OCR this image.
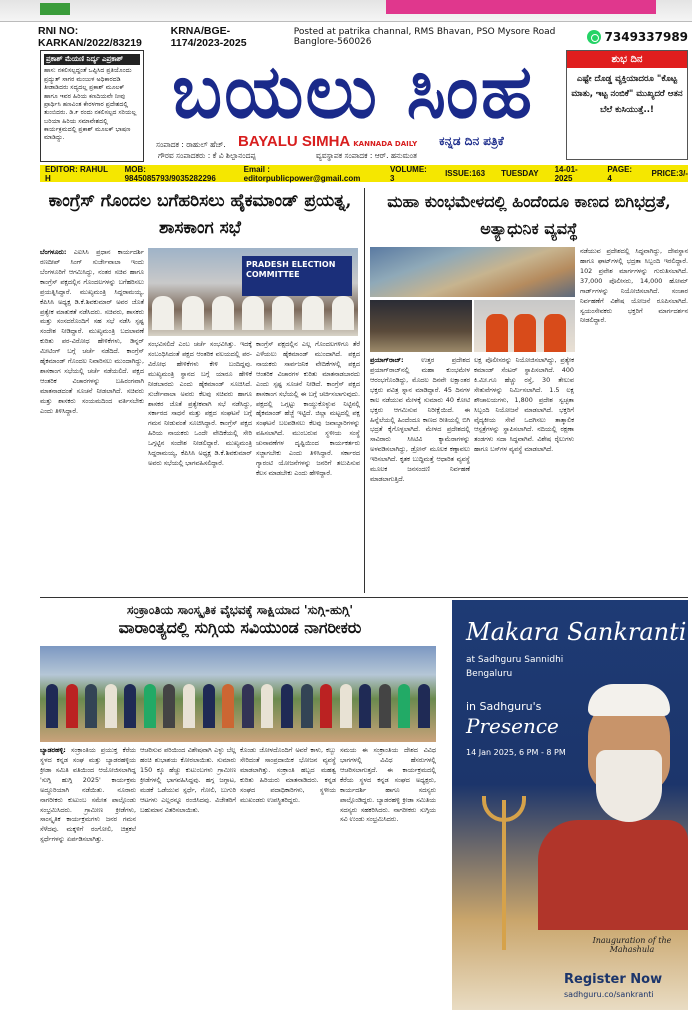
RNI NO: KARKAN/2022/83219
KRNA/BGE-1174/2023-2025
Posted at patrika channal, RMS Bhavan, PSO Mysore Road Banglore-560026	7349337989
ಪ್ರಕಾಶ್ ಮೆಯಣಿ ನಿರ್ದ್ಯ ಎಪ್ರಕಾಶ್
ಹಾಸ: ನಕಲಿಸಲ್ಪದ್ದಂತೆ ಒಪ್ಪಿಸಿದ ಪ್ರತಿಯೊಂದು ಪ್ರದ್ಯುತ್ ಸಾಗರ ಮಂಜುಳ ಅಧಿಕಾರದಡಿ ತೀಡಾಡಿದರು ಸದ್ಯದಲ್ಲ ಪ್ರಕಾಶ್ ಮೂಲಕ್ ಹಾಗೂ ಇವರ ಹಿರಿಯ ಕಣದಿಯವೇ ನೀವು ಪ್ರಾರ್ಥಿಸಿ ಹಣವಿಂತ ಕೇರಳಗಾರ ಪ್ರದೇಶದಲ್ಲಿ ತುಂಬಿದರು. ಡಿ.೯ ರಂದು ನಕಲಿಸಲ್ಪದ ಸರಿಯಲ್ಲ ಬರಿಯಾ ಹಿರಿಯ ಸಮಾವೇಶದಲ್ಲಿ ಕಾರ್ಯಕ್ರಮದಲ್ಲಿ ಪ್ರಕಾಶ್ ಮೂಲಕ್ ಭಾಷಣ ಮಾಡಿದ್ದು.
ಬಯಲು ಸಿಂಹ
ಸಂಪಾದಕ : ರಾಹುಲ್ ಹೆಚ್. BAYALU SIMHA KANNADA DAILY ಕನ್ನಡ ದಿನ ಪತ್ರಿಕೆ
ಗೌರವ ಸಂಪಾದಕರು : ಕೆ ವಿ ಶಿಲ್ಪಾನಂದಪ್ಪ	ವ್ಯವಸ್ಥಾಪಕ ಸಂಪಾದಕ : ಆರ್. ಹನುಮಂತ
ಶುಭ ದಿನ
ಎಷ್ಟೇ ದೊಡ್ಡ ವ್ಯಕ್ತಿಯಾದರೂ "ಕೊಟ್ಟ ಮಾತು, ಇಟ್ಟ ನಂಬಿಕೆ" ಮುಖ್ಯದರೆ ಆತನ ಬೆಲೆ ಕುಸಿಯುತ್ತೆ..!
EDITOR: RAHUL H
MOB: 9845085793/9035282296
Email : editorpublicpower@gmail.com
VOLUME: 3	ISSUE:163 TUESDAY 14-01-2025
PAGE: 4	PRICE:3/-
ಕಾಂಗ್ರೆಸ್ ಗೊಂದಲ ಬಗೆಹರಿಸಲು ಹೈಕಮಾಂಡ್ ಪ್ರಯತ್ನ, ಶಾಸಕಾಂಗ ಸಭೆ
PRADESH ELECTION COMMITTEE
ಬೆಂಗಳೂರು: ಎಐಸಿಸಿ ಪ್ರಧಾನ ಕಾರ್ಯದರ್ಶಿ ರಣದೀಪ್ ಸಿಂಗ್ ಸುರ್ಜೇವಾಲಾ ಇಂದು ಬೆಂಗಳೂರಿಗೆ ಆಗಮಿಸಿದ್ದು, ನಂತರ ಸಚಿವ ಹಾಗೂ ಕಾಂಗ್ರೆಸ್ ಪಕ್ಷದಲ್ಲಿನ ಗೊಂದಲಗಳನ್ನು ಬಗೆಹರಿಸಲು ಪ್ರಯತ್ನಿಸಿದ್ದಾರೆ. ಮುಖ್ಯಮಂತ್ರಿ ಸಿದ್ದರಾಮಯ್ಯ, ಕೆಪಿಸಿಸಿ ಅಧ್ಯಕ್ಷ ಡಿ.ಕೆ.ಶಿವಕುಮಾರ್ ಅವರ ಜೊತೆ ಪ್ರತ್ಯೇಕ ಮಾತುಕತೆ ನಡೆಸಿದರು. ಸಚಿವರು, ಶಾಸಕರು ಮತ್ತು ಸಂಸದರೊಂದಿಗೆ ಸಹ ಸಭೆ ನಡೆಸಿ ಸ್ಪಷ್ಟ ಸಂದೇಶ ನೀಡಿದ್ದಾರೆ. ಮುಖ್ಯಮಂತ್ರಿ ಬದಲಾವಣೆ ಕುರಿತು ಪರ-ವಿರೋಧ ಹೇಳಿಕೆಗಳು, ಡಿನ್ನರ್ ಮೀಟಿಂಗ್ ಬಗ್ಗೆ ಚರ್ಚೆ ನಡೆದಿದೆ. ಕಾಂಗ್ರೆಸ್ ಹೈಕಮಾಂಡ್ ಗೊಂದಲ ನಿವಾರಿಸಲು ಮುಂದಾಗಿದ್ದು, ಶಾಸಕಾಂಗ ಸಭೆಯಲ್ಲಿ ಚರ್ಚೆ ನಡೆಯಲಿದೆ. ಪಕ್ಷದ ಆಂತರಿಕ ವಿಚಾರಗಳನ್ನು ಬಹಿರಂಗವಾಗಿ ಮಾತನಾಡದಂತೆ ಸೂಚನೆ ನೀಡಲಾಗಿದೆ. ಸಚಿವರು ಮತ್ತು ಶಾಸಕರು ಸಂಯಮದಿಂದ ವರ್ತಿಸಬೇಕು ಎಂದು ತಿಳಿಸಿದ್ದಾರೆ.
ಸಂಭವಿಸಲಿದೆ ಎಂಬ ಚರ್ಚೆ ಸಂಭವಿಸಿತ್ತು. ಇದಕ್ಕೆ ಸಂಬಂಧಿಸಿದಂತೆ ಪಕ್ಷದ ಆಂತರಿಕ ವಲಯದಲ್ಲಿ ಪರ-ವಿರೋಧ ಹೇಳಿಕೆಗಳು ಕೇಳಿ ಬಂದಿದ್ದವು. ಮುಖ್ಯಮಂತ್ರಿ ಸ್ಥಾನದ ಬಗ್ಗೆ ಯಾರೂ ಹೇಳಿಕೆ ನೀಡಬಾರದು ಎಂದು ಹೈಕಮಾಂಡ್ ಸೂಚಿಸಿದೆ. ಸುರ್ಜೇವಾಲಾ ಅವರು ಕೆಲವು ಸಚಿವರು ಹಾಗೂ ಶಾಸಕರ ಜೊತೆ ಪ್ರತ್ಯೇಕವಾಗಿ ಸಭೆ ನಡೆಸಿದ್ದು, ಸರ್ಕಾರದ ಸಾಧನೆ ಮತ್ತು ಪಕ್ಷದ ಸಂಘಟನೆ ಬಗ್ಗೆ ಗಮನ ನೀಡುವಂತೆ ಸೂಚಿಸಿದ್ದಾರೆ. ಕಾಂಗ್ರೆಸ್ ಪಕ್ಷದ ಹಿರಿಯ ನಾಯಕರು ಒಂದೇ ವೇದಿಕೆಯಲ್ಲಿ ಸೇರಿ ಒಗ್ಗಟ್ಟಿನ ಸಂದೇಶ ನೀಡಲಿದ್ದಾರೆ. ಮುಖ್ಯಮಂತ್ರಿ ಸಿದ್ದರಾಮಯ್ಯ, ಕೆಪಿಸಿಸಿ ಅಧ್ಯಕ್ಷ ಡಿ.ಕೆ.ಶಿವಕುಮಾರ್ ಅವರು ಸಭೆಯಲ್ಲಿ ಭಾಗವಹಿಸಲಿದ್ದಾರೆ.
ಕಾಂಗ್ರೆಸ್ ಪಕ್ಷದಲ್ಲಿನ ಎಲ್ಲ ಗೊಂದಲಗಳಿಗೂ ತೆರೆ ಎಳೆಯಲು ಹೈಕಮಾಂಡ್ ಮುಂದಾಗಿದೆ. ಪಕ್ಷದ ನಾಯಕರು ಸಾರ್ವಜನಿಕ ವೇದಿಕೆಗಳಲ್ಲಿ ಪಕ್ಷದ ಆಂತರಿಕ ವಿಚಾರಗಳ ಕುರಿತು ಮಾತನಾಡಬಾರದು ಎಂದು ಸ್ಪಷ್ಟ ಸೂಚನೆ ನೀಡಿದೆ. ಕಾಂಗ್ರೆಸ್ ಪಕ್ಷದ ಶಾಸಕಾಂಗ ಸಭೆಯಲ್ಲಿ ಈ ಬಗ್ಗೆ ಚರ್ಚಿಸಲಾಗುವುದು. ಪಕ್ಷದಲ್ಲಿ ಒಗ್ಗಟ್ಟು ಕಾಯ್ದುಕೊಳ್ಳುವ ನಿಟ್ಟಿನಲ್ಲಿ ಹೈಕಮಾಂಡ್ ಹೆಜ್ಜೆ ಇಟ್ಟಿದೆ. ಜಿಲ್ಲಾ ಮಟ್ಟದಲ್ಲಿ ಪಕ್ಷ ಸಂಘಟನೆ ಬಲಪಡಿಸಲು ಕೆಲವು ಜವಾಬ್ದಾರಿಗಳನ್ನು ವಹಿಸಲಾಗಿದೆ. ಮುಂಬರುವ ಸ್ಥಳೀಯ ಸಂಸ್ಥೆ ಚುನಾವಣೆಗಳ ದೃಷ್ಟಿಯಿಂದ ಕಾರ್ಯಕರ್ತರು ಸಜ್ಜಾಗಬೇಕು ಎಂದು ತಿಳಿಸಿದ್ದಾರೆ. ಸರ್ಕಾರದ ಗ್ಯಾರಂಟಿ ಯೋಜನೆಗಳನ್ನು ಜನರಿಗೆ ತಲುಪಿಸುವ ಕೆಲಸ ಮಾಡಬೇಕು ಎಂದು ಹೇಳಿದ್ದಾರೆ.
ಮಹಾ ಕುಂಭಮೇಳದಲ್ಲಿ ಹಿಂದೆಂದೂ ಕಾಣದ ಬಿಗಿಭದ್ರತೆ, ಅತ್ಯಾಧುನಿಕ ವ್ಯವಸ್ಥೆ
ಪ್ರಯಾಗ್‌ರಾಜ್:	ಉತ್ತರ ಪ್ರದೇಶದ ಪ್ರಯಾಗ್‌ರಾಜ್‌ನಲ್ಲಿ ಮಹಾ ಕುಂಭಮೇಳ ಆರಂಭಗೊಂಡಿದ್ದು, ಮೊದಲ ದಿನವೇ ಲಕ್ಷಾಂತರ ಭಕ್ತರು ಪವಿತ್ರ ಸ್ನಾನ ಮಾಡಿದ್ದಾರೆ. 45 ದಿನಗಳ ಕಾಲ ನಡೆಯುವ ಮೇಳಕ್ಕೆ ಸುಮಾರು 40 ಕೋಟಿ ಭಕ್ತರು ಆಗಮಿಸುವ ನಿರೀಕ್ಷೆಯಿದೆ. ಈ ಹಿನ್ನೆಲೆಯಲ್ಲಿ ಹಿಂದೆಂದೂ ಕಾಣದ ರೀತಿಯಲ್ಲಿ ಬಿಗಿ ಭದ್ರತೆ ಕೈಗೊಳ್ಳಲಾಗಿದೆ. ಮೇಳದ ಪ್ರದೇಶದಲ್ಲಿ ಸಾವಿರಾರು ಸಿಸಿಟಿವಿ ಕ್ಯಾಮೆರಾಗಳನ್ನು ಅಳವಡಿಸಲಾಗಿದ್ದು, ಡ್ರೋನ್ ಮೂಲಕ ಕಣ್ಗಾವಲು ಇರಿಸಲಾಗಿದೆ. ಕೃತಕ ಬುದ್ಧಿಮತ್ತೆ ಆಧಾರಿತ ವ್ಯವಸ್ಥೆ ಮೂಲಕ ಜನಸಂದಣಿ ನಿರ್ವಹಣೆ ಮಾಡಲಾಗುತ್ತಿದೆ.
ಲಕ್ಷ ಪೊಲೀಸರನ್ನು ನಿಯೋಜಿಸಲಾಗಿದ್ದು, ಪ್ರತ್ಯೇಕ ಕಮಾಂಡ್ ಸೆಂಟರ್ ಸ್ಥಾಪಿಸಲಾಗಿದೆ. 400 ಕಿ.ಮೀ.ಗೂ ಹೆಚ್ಚು ರಸ್ತೆ, 30 ತೇಲುವ ಸೇತುವೆಗಳನ್ನು ನಿರ್ಮಿಸಲಾಗಿದೆ. 1.5 ಲಕ್ಷ ಶೌಚಾಲಯಗಳು, 1,800 ಪ್ರದೇಶ ಸ್ವಚ್ಛತಾ ಸಿಬ್ಬಂದಿ ನಿಯೋಜನೆ ಮಾಡಲಾಗಿದೆ. ಭಕ್ತರಿಗೆ ವೈದ್ಯಕೀಯ ಸೇವೆ ಒದಗಿಸಲು ತಾತ್ಕಾಲಿಕ ಆಸ್ಪತ್ರೆಗಳನ್ನು ಸ್ಥಾಪಿಸಲಾಗಿದೆ. ನದಿಯಲ್ಲಿ ರಕ್ಷಣಾ ತಂಡಗಳು ಸದಾ ಸಿದ್ಧವಾಗಿವೆ. ವಿಶೇಷ ರೈಲುಗಳು ಹಾಗೂ ಬಸ್‌ಗಳ ವ್ಯವಸ್ಥೆ ಮಾಡಲಾಗಿದೆ.
ನಡೆಯುವ ಪ್ರದೇಶದಲ್ಲಿ ಸಿದ್ಧವಾಗಿದ್ದು, ದೇವಸ್ಥಾನ ಹಾಗೂ ಘಾಟ್‌ಗಳಲ್ಲಿ ಭದ್ರತಾ ಸಿಬ್ಬಂದಿ ಇರಲಿದ್ದಾರೆ. 102 ಪ್ರವೇಶ ಮಾರ್ಗಗಳನ್ನು ಗುರುತಿಸಲಾಗಿದೆ. 37,000 ಪೊಲೀಸರು, 14,000 ಹೋಮ್ ಗಾರ್ಡ್‌ಗಳನ್ನು ನಿಯೋಜಿಸಲಾಗಿದೆ. ಸಂಚಾರ ನಿರ್ವಹಣೆಗೆ ವಿಶೇಷ ಯೋಜನೆ ರೂಪಿಸಲಾಗಿದೆ. ಸ್ವಯಂಸೇವಕರು ಭಕ್ತರಿಗೆ ಮಾರ್ಗದರ್ಶನ ನೀಡಲಿದ್ದಾರೆ.
ಸಂಕ್ರಾಂತಿಯ ಸಾಂಸ್ಕೃತಿಕ ವೈಭವಕ್ಕೆ ಸಾಕ್ಷಿಯಾದ 'ಸುಗ್ಗಿ-ಹುಗ್ಗಿ'
ವಾರಾಂತ್ಯದಲ್ಲಿ ಸುಗ್ಗಿಯ ಸವಿಯುಂಡ ನಾಗರೀಕರು
ಬ್ಯಾಡರಹಳ್ಳಿ: ಸಂಕ್ರಾಂತಿಯ ಪ್ರಯುಕ್ತ ಕೆರೆಯ ಸ್ಥಳದ ಕನ್ನಡ ಸಂಘ ಮತ್ತು ಬ್ಯಾಡರಹಳ್ಳಿಯ ಕ್ರೀಡಾ ಸಮಿತಿ ವತಿಯಿಂದ ಆಯೋಜಿಸಲಾಗಿದ್ದ 'ಸುಗ್ಗಿ ಹುಗ್ಗಿ 2025' ಕಾರ್ಯಕ್ರಮ ಅದ್ದೂರಿಯಾಗಿ ನಡೆಯಿತು. ನೂರಾರು ನಾಗರೀಕರು ಕುಟುಂಬ ಸಮೇತ ಪಾಲ್ಗೊಂಡು ಸಂಭ್ರಮಿಸಿದರು. ಗ್ರಾಮೀಣ ಕ್ರೀಡೆಗಳು, ಸಾಂಸ್ಕೃತಿಕ ಕಾರ್ಯಕ್ರಮಗಳು ಜನರ ಗಮನ ಸೆಳೆದವು. ಮಕ್ಕಳಿಗೆ ರಂಗೋಲಿ, ಚಿತ್ರಕಲೆ ಸ್ಪರ್ಧೆಗಳನ್ನು ಏರ್ಪಡಿಸಲಾಗಿತ್ತು.
ಆಚರಿಸುವ ಪರಿಯಿಂದ ವಿಶೇಷವಾಗಿ ಎಳ್ಳು ಬೆಲ್ಲ ಹಂಚಿ ಶುಭಾಶಯ ಕೋರಲಾಯಿತು. ಸುಮಾರು 150 ಕ್ಕೂ ಹೆಚ್ಚು ಕುಟುಂಬಗಳು ಗ್ರಾಮೀಣ ಕ್ರೀಡೆಗಳಲ್ಲಿ ಭಾಗವಹಿಸಿದ್ದವು. ಹಗ್ಗ ಜಗ್ಗಾಟ, ಮಡಕೆ ಒಡೆಯುವ ಸ್ಪರ್ಧೆ, ಗೋಲಿ, ಬುಗುರಿ ಆಟಗಳು ಎಲ್ಲರನ್ನೂ ರಂಜಿಸಿದವು. ವಿಜೇತರಿಗೆ ಬಹುಮಾನ ವಿತರಿಸಲಾಯಿತು.
ಕೊಂಡು ಜೋಳದೊಂದಿಗೆ ಅವರೆ ಕಾಳು, ಕಬ್ಬು ಸೇರಿದಂತೆ ಸಾಂಪ್ರದಾಯಿಕ ಭೋಜನ ವ್ಯವಸ್ಥೆ ಮಾಡಲಾಗಿತ್ತು. ಸಂಕ್ರಾಂತಿ ಹಬ್ಬದ ಮಹತ್ವ ಕುರಿತು ಹಿರಿಯರು ಮಾತನಾಡಿದರು. ಕನ್ನಡ ಸಂಘದ ಪದಾಧಿಕಾರಿಗಳು, ಸ್ಥಳೀಯ ಮುಖಂಡರು ಉಪಸ್ಥಿತರಿದ್ದರು.
ಸಮಯ ಈ ಸಂಕ್ರಾಂತಿಯ ದೇಶದ ವಿವಿಧ ಭಾಗಗಳಲ್ಲಿ ವಿವಿಧ ಹೆಸರುಗಳಲ್ಲಿ ಆಚರಿಸಲಾಗುತ್ತದೆ. ಈ ಕಾರ್ಯಕ್ರಮದಲ್ಲಿ ಕೆರೆಯ ಸ್ಥಳದ ಕನ್ನಡ ಸಂಘದ ಅಧ್ಯಕ್ಷರು, ಕಾರ್ಯದರ್ಶಿ ಹಾಗೂ ಸದಸ್ಯರು ಪಾಲ್ಗೊಂಡಿದ್ದರು. ಬ್ಯಾಡರಹಳ್ಳಿ ಕ್ರೀಡಾ ಸಮಿತಿಯ ಸದಸ್ಯರು ಸಹಕರಿಸಿದರು. ನಾಗರೀಕರು ಸುಗ್ಗಿಯ ಸವಿ ಉಂಡು ಸಂಭ್ರಮಿಸಿದರು.
Makara Sankranti
at Sadhguru Sannidhi Bengaluru
in Sadhguru's
Presence
14 Jan 2025, 6 PM - 8 PM
Inauguration of the Mahashula
Register Now
sadhguru.co/sankranti
